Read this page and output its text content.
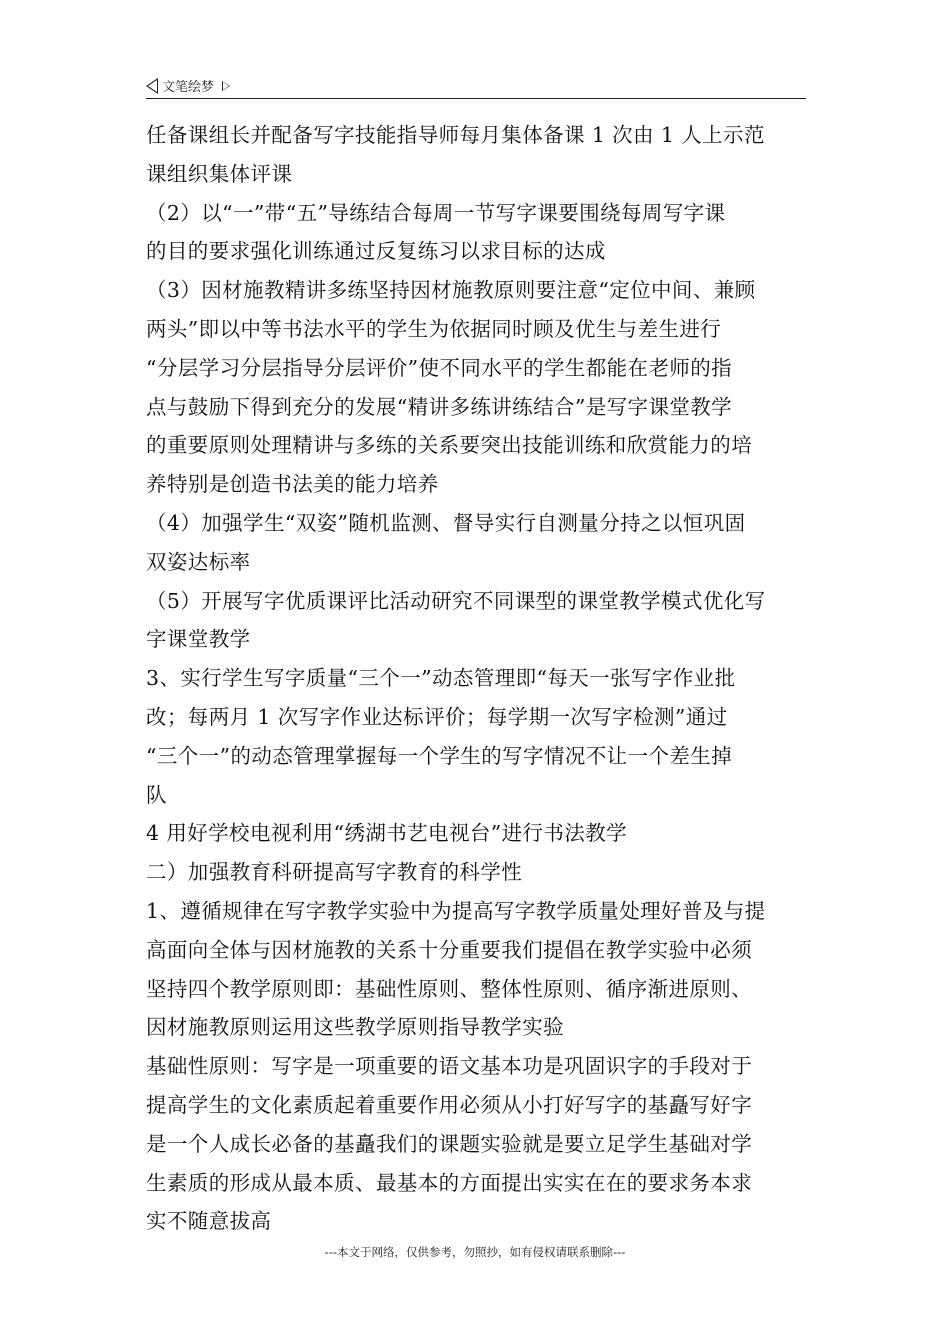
文笔绘梦
任备课组长并配备写字技能指导师每月集体备课 1 次由 1 人上示范
课组织集体评课
（2）以“一”带“五”导练结合每周一节写字课要围绕每周写字课
的目的要求强化训练通过反复练习以求目标的达成
（3）因材施教精讲多练坚持因材施教原则要注意“定位中间、兼顾
两头”即以中等书法水平的学生为依据同时顾及优生与差生进行
“分层学习分层指导分层评价”使不同水平的学生都能在老师的指
点与鼓励下得到充分的发展“精讲多练讲练结合”是写字课堂教学
的重要原则处理精讲与多练的关系要突出技能训练和欣赏能力的培
养特别是创造书法美的能力培养
（4）加强学生“双姿”随机监测、督导实行自测量分持之以恒巩固
双姿达标率
（5）开展写字优质课评比活动研究不同课型的课堂教学模式优化写
字课堂教学
3、实行学生写字质量“三个一”动态管理即“每天一张写字作业批
改；每两月 1 次写字作业达标评价；每学期一次写字检测”通过
“三个一”的动态管理掌握每一个学生的写字情况不让一个差生掉
队
4 用好学校电视利用“绣湖书艺电视台”进行书法教学
二）加强教育科研提高写字教育的科学性
1、遵循规律在写字教学实验中为提高写字教学质量处理好普及与提
高面向全体与因材施教的关系十分重要我们提倡在教学实验中必须
坚持四个教学原则即：基础性原则、整体性原则、循序渐进原则、
因材施教原则运用这些教学原则指导教学实验
基础性原则：写字是一项重要的语文基本功是巩固识字的手段对于
提高学生的文化素质起着重要作用必须从小打好写字的基矗写好字
是一个人成长必备的基矗我们的课题实验就是要立足学生基础对学
生素质的形成从最本质、最基本的方面提出实实在在的要求务本求
实不随意拔高
---本文于网络，仅供参考，勿照抄，如有侵权请联系删除---
